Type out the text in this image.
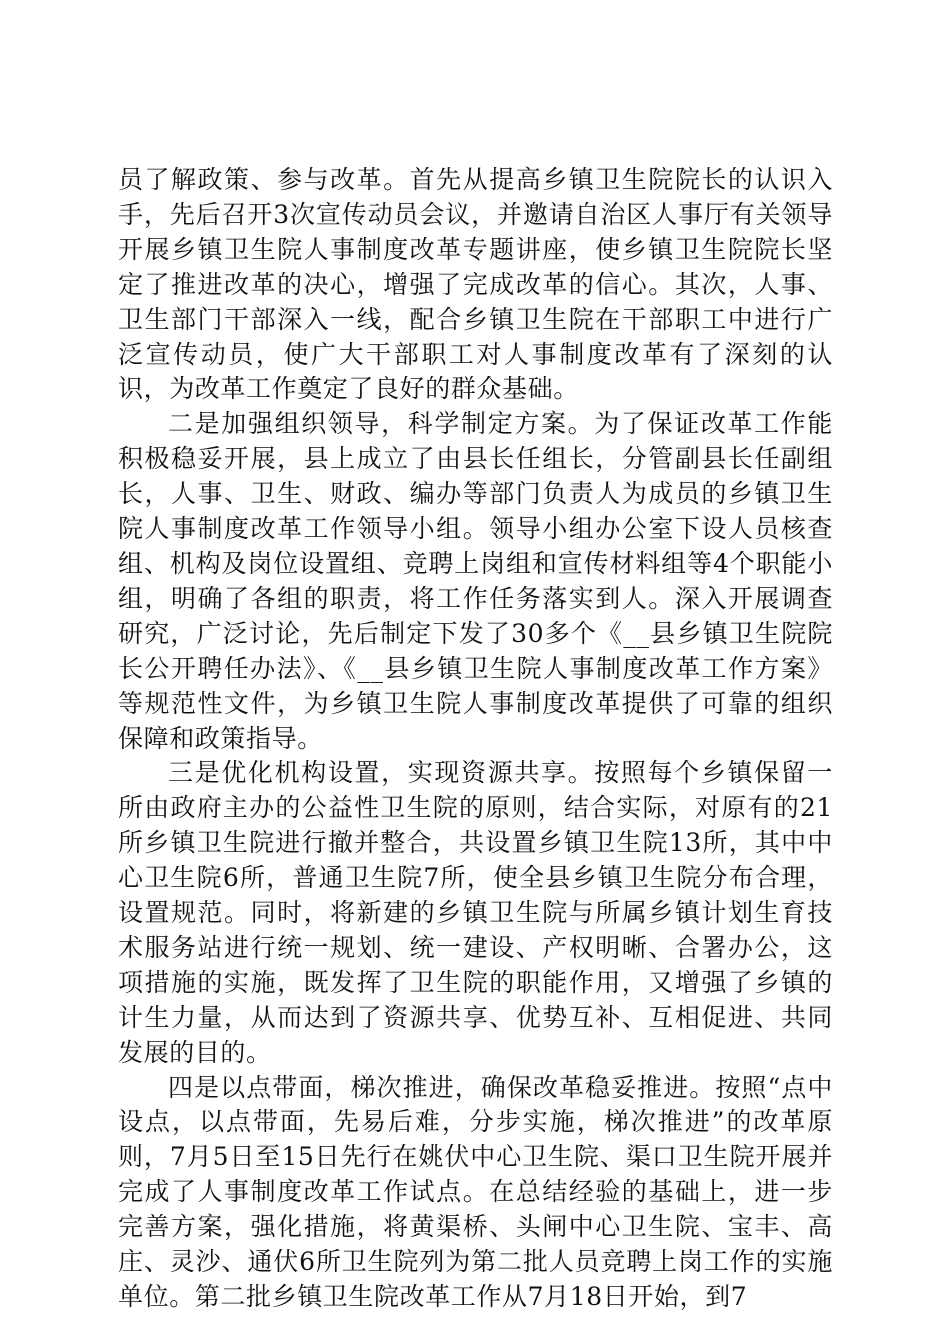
员了解政策、参与改革。首先从提高乡镇卫生院院长的认识入手，先后召开3次宣传动员会议，并邀请自治区人事厅有关领导开展乡镇卫生院人事制度改革专题讲座，使乡镇卫生院院长坚定了推进改革的决心，增强了完成改革的信心。其次，人事、卫生部门干部深入一线，配合乡镇卫生院在干部职工中进行广泛宣传动员，使广大干部职工对人事制度改革有了深刻的认识，为改革工作奠定了良好的群众基础。

二是加强组织领导，科学制定方案。为了保证改革工作能积极稳妥开展，县上成立了由县长任组长，分管副县长任副组长，人事、卫生、财政、编办等部门负责人为成员的乡镇卫生院人事制度改革工作领导小组。领导小组办公室下设人员核查组、机构及岗位设置组、竞聘上岗组和宣传材料组等4个职能小组，明确了各组的职责，将工作任务落实到人。深入开展调查研究，广泛讨论，先后制定下发了30多个《__县乡镇卫生院院长公开聘任办法》、《__县乡镇卫生院人事制度改革工作方案》等规范性文件，为乡镇卫生院人事制度改革提供了可靠的组织保障和政策指导。

三是优化机构设置，实现资源共享。按照每个乡镇保留一所由政府主办的公益性卫生院的原则，结合实际，对原有的21所乡镇卫生院进行撤并整合，共设置乡镇卫生院13所，其中中心卫生院6所，普通卫生院7所，使全县乡镇卫生院分布合理，设置规范。同时，将新建的乡镇卫生院与所属乡镇计划生育技术服务站进行统一规划、统一建设、产权明晰、合署办公，这项措施的实施，既发挥了卫生院的职能作用，又增强了乡镇的计生力量，从而达到了资源共享、优势互补、互相促进、共同发展的目的。

四是以点带面，梯次推进，确保改革稳妥推进。按照“点中设点，以点带面，先易后难，分步实施，梯次推进”的改革原则，7月5日至15日先行在姚伏中心卫生院、渠口卫生院开展并完成了人事制度改革工作试点。在总结经验的基础上，进一步完善方案，强化措施，将黄渠桥、头闸中心卫生院、宝丰、高庄、灵沙、通伏6所卫生院列为第二批人员竞聘上岗工作的实施单位。第二批乡镇卫生院改革工作从7月18日开始，到7
